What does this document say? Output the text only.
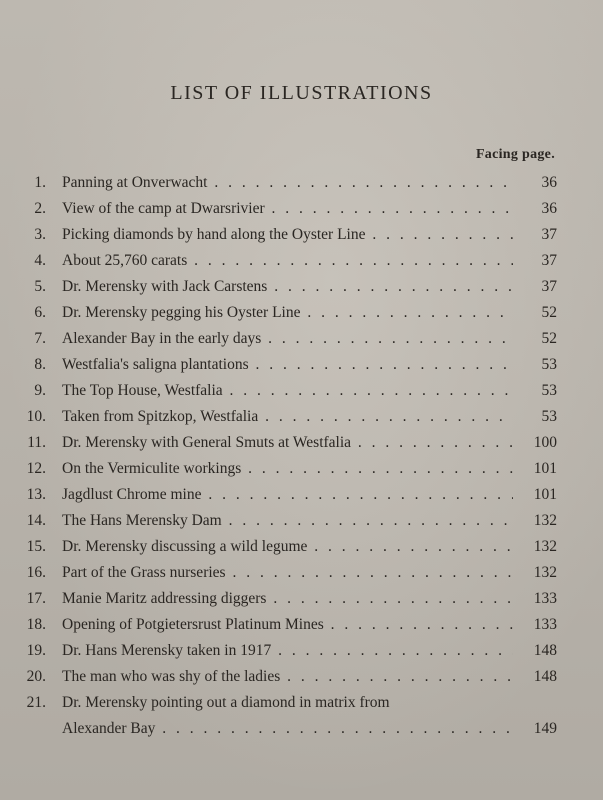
LIST OF ILLUSTRATIONS
Facing page.
1. Panning at Onverwacht . . .	36
2. View of the camp at Dwarsrivier . . .	36
3. Picking diamonds by hand along the Oyster Line . . .	37
4. About 25,760 carats . . .	37
5. Dr. Merensky with Jack Carstens . . .	37
6. Dr. Merensky pegging his Oyster Line . . .	52
7. Alexander Bay in the early days . . .	52
8. Westfalia's saligna plantations . . .	53
9. The Top House, Westfalia . . .	53
10. Taken from Spitzkop, Westfalia . . .	53
11. Dr. Merensky with General Smuts at Westfalia . . .	100
12. On the Vermiculite workings . . .	101
13. Jagdlust Chrome mine . . .	101
14. The Hans Merensky Dam . . .	132
15. Dr. Merensky discussing a wild legume . . .	132
16. Part of the Grass nurseries . . .	132
17. Manie Maritz addressing diggers . . .	133
18. Opening of Potgietersrust Platinum Mines . . .	133
19. Dr. Hans Merensky taken in 1917 . . .	148
20. The man who was shy of the ladies . . .	148
21. Dr. Merensky pointing out a diamond in matrix from
Alexander Bay . . .	149
